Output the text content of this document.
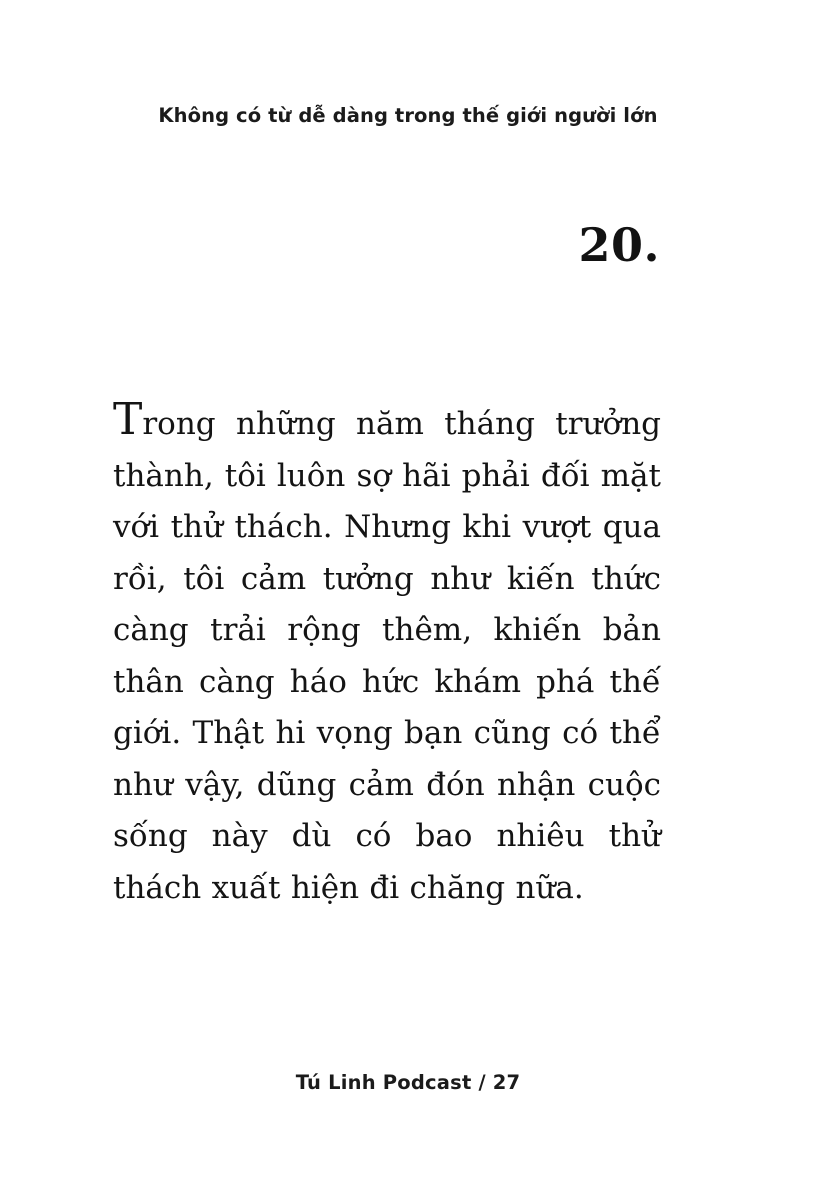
Không có từ dễ dàng trong thế giới người lớn
20.

Trong những năm tháng trưởng thành, tôi luôn sợ hãi phải đối mặt với thử thách. Nhưng khi vượt qua rồi, tôi cảm tưởng như kiến thức càng trải rộng thêm, khiến bản thân càng háo hức khám phá thế giới. Thật hi vọng bạn cũng có thể như vậy, dũng cảm đón nhận cuộc sống này dù có bao nhiêu thử thách xuất hiện đi chăng nữa.

Tú Linh Podcast / 27
